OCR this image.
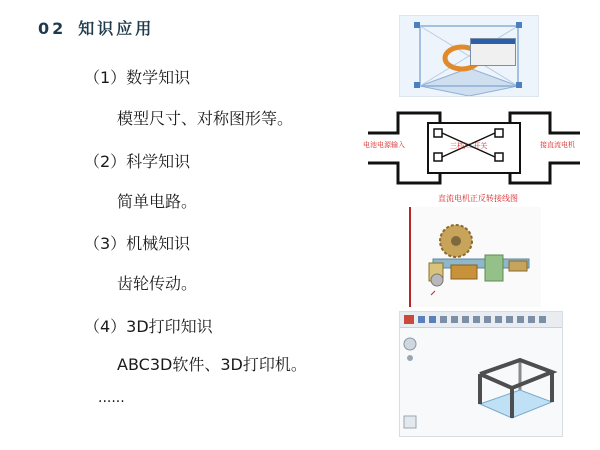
02 知识应用
（1）数学知识
模型尺寸、对称图形等。
（2）科学知识
简单电路。
（3）机械知识
齿轮传动。
（4）3D打印知识
ABC3D软件、3D打印机。
......
电池电源输入	三档/二开关	接直流电机
直流电机正反转接线图
